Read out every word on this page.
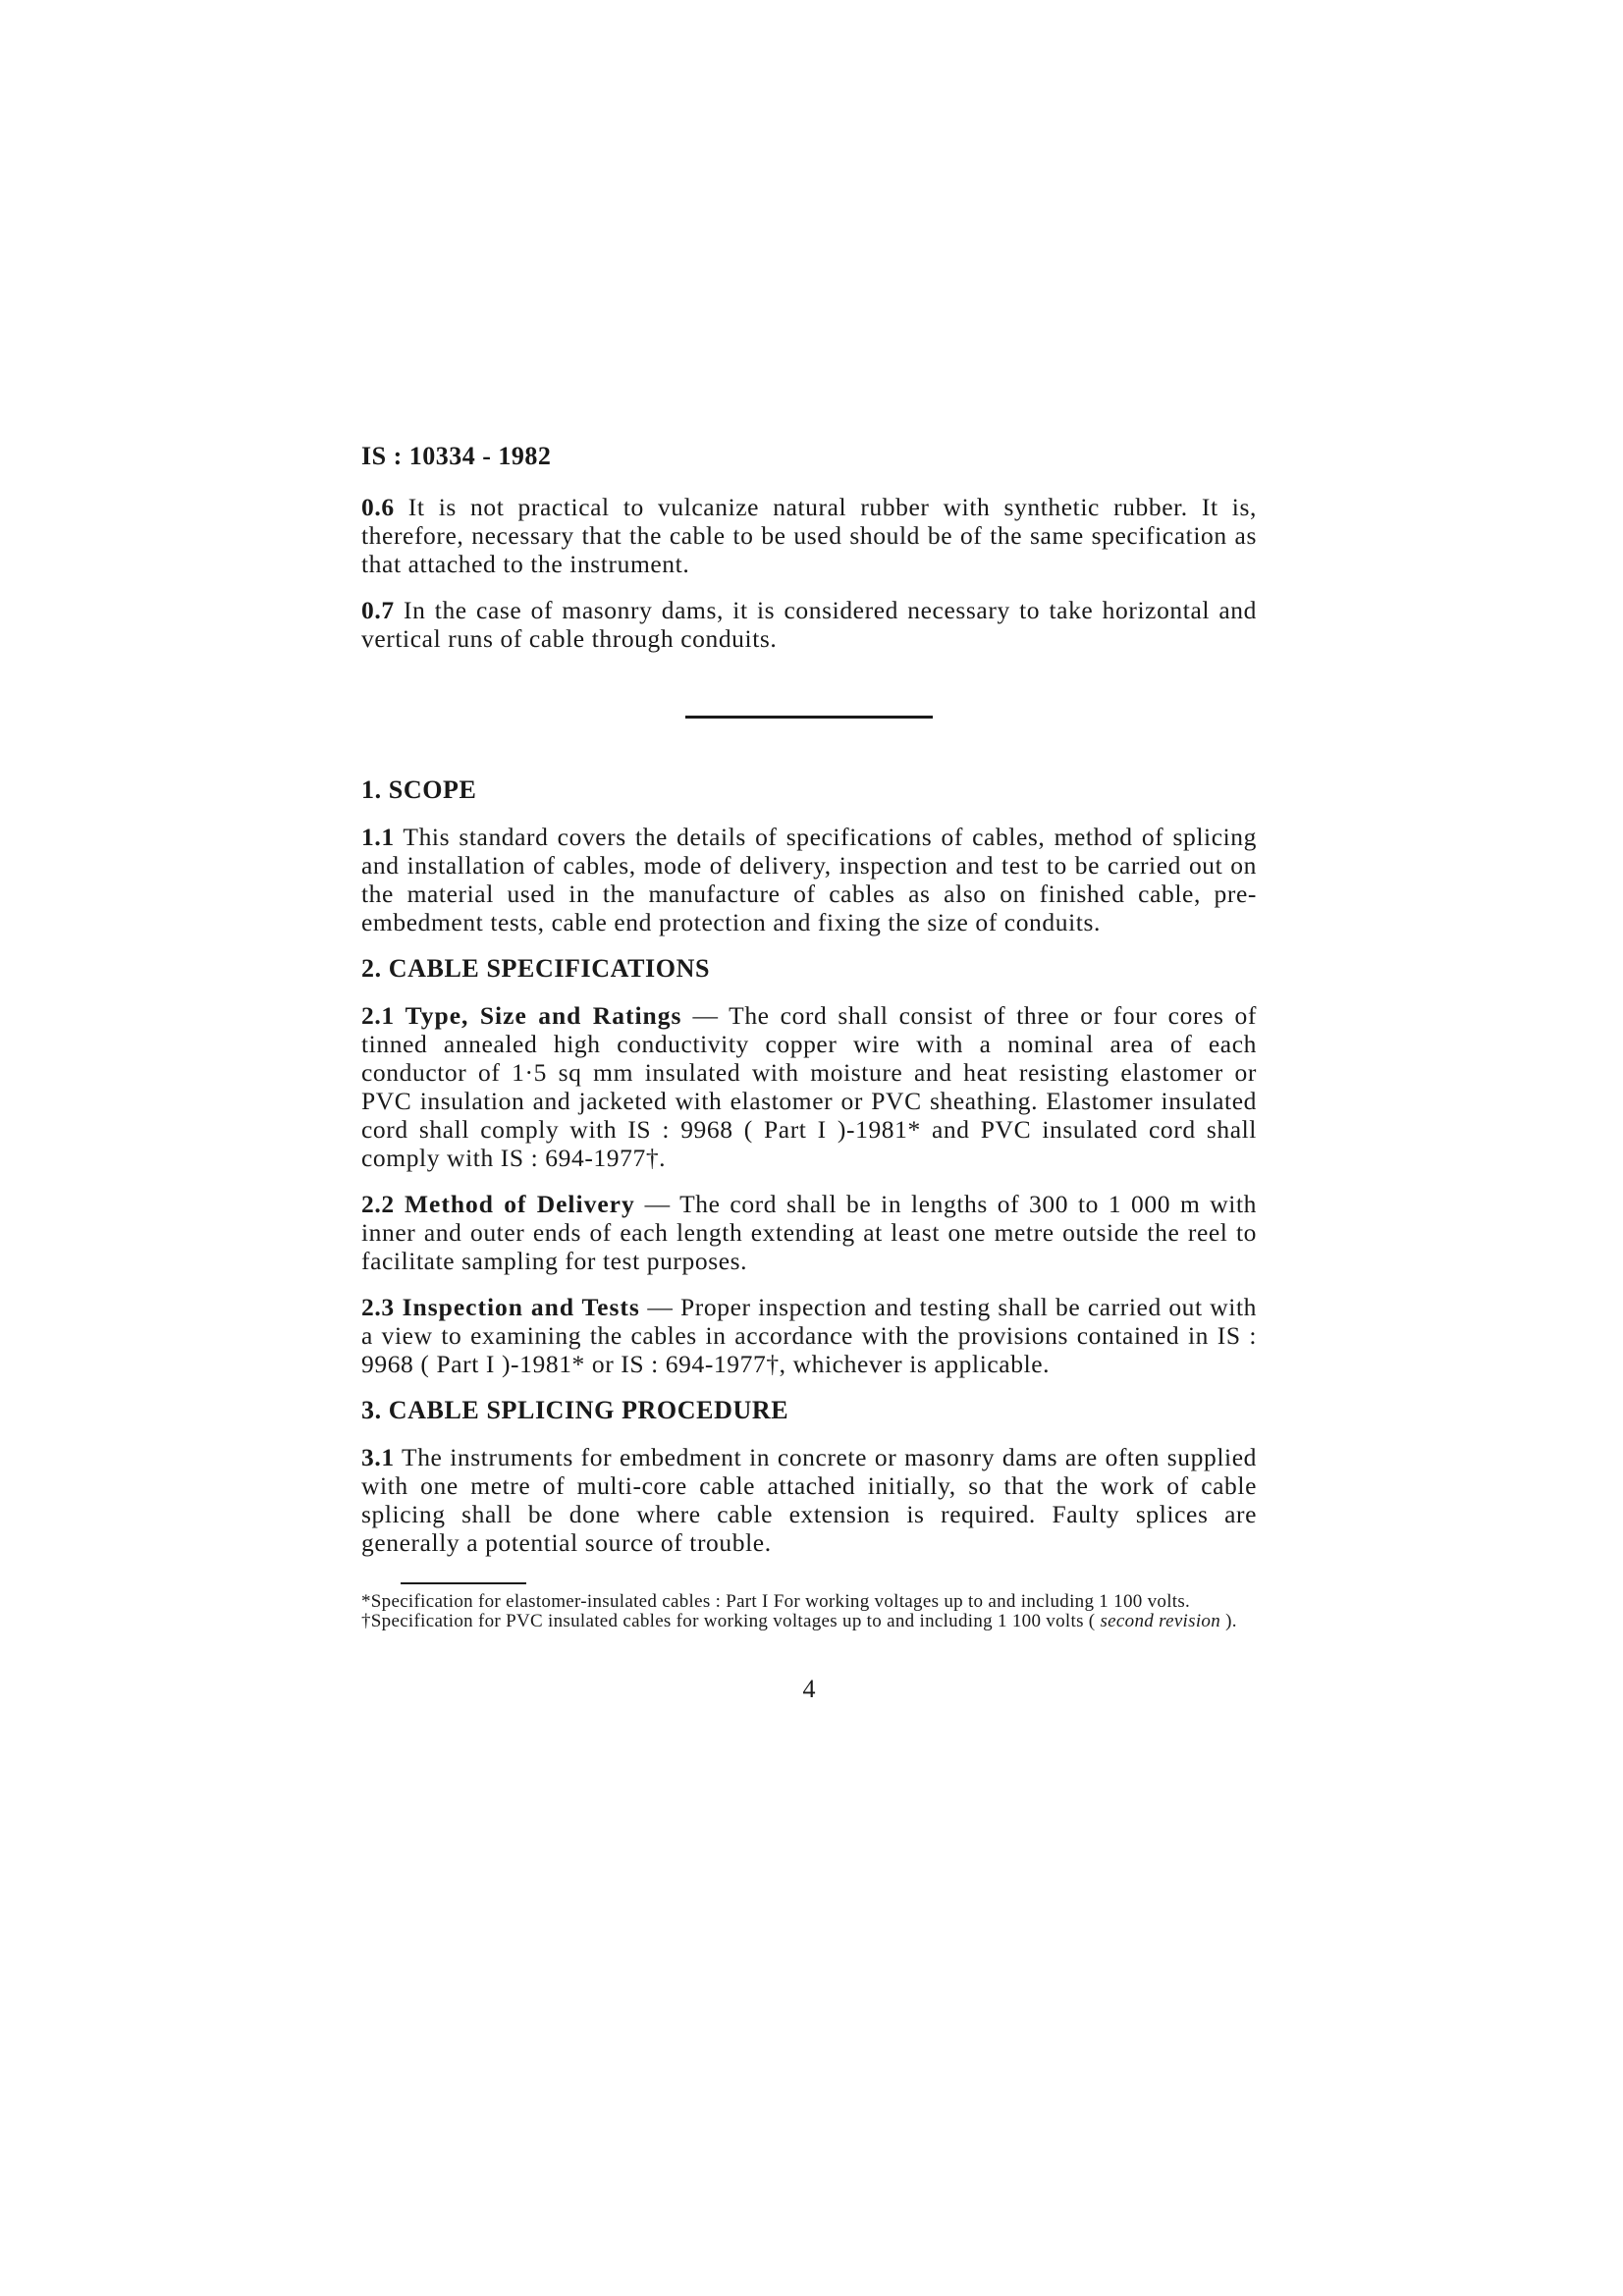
IS : 10334 - 1982

0.6 It is not practical to vulcanize natural rubber with synthetic rubber. It is, therefore, necessary that the cable to be used should be of the same specification as that attached to the instrument.

0.7 In the case of masonry dams, it is considered necessary to take horizontal and vertical runs of cable through conduits.

1. SCOPE

1.1 This standard covers the details of specifications of cables, method of splicing and installation of cables, mode of delivery, inspection and test to be carried out on the material used in the manufacture of cables as also on finished cable, pre-embedment tests, cable end protection and fixing the size of conduits.

2. CABLE SPECIFICATIONS

2.1 Type, Size and Ratings — The cord shall consist of three or four cores of tinned annealed high conductivity copper wire with a nominal area of each conductor of 1·5 sq mm insulated with moisture and heat resisting elastomer or PVC insulation and jacketed with elastomer or PVC sheathing. Elastomer insulated cord shall comply with IS : 9968 ( Part I )-1981* and PVC insulated cord shall comply with IS : 694-1977†.

2.2 Method of Delivery — The cord shall be in lengths of 300 to 1 000 m with inner and outer ends of each length extending at least one metre outside the reel to facilitate sampling for test purposes.

2.3 Inspection and Tests — Proper inspection and testing shall be carried out with a view to examining the cables in accordance with the provisions contained in IS : 9968 ( Part I )-1981* or IS : 694-1977†, whichever is applicable.

3. CABLE SPLICING PROCEDURE

3.1 The instruments for embedment in concrete or masonry dams are often supplied with one metre of multi-core cable attached initially, so that the work of cable splicing shall be done where cable extension is required. Faulty splices are generally a potential source of trouble.

*Specification for elastomer-insulated cables : Part I For working voltages up to and including 1 100 volts.

†Specification for PVC insulated cables for working voltages up to and including 1 100 volts ( second revision ).

4
